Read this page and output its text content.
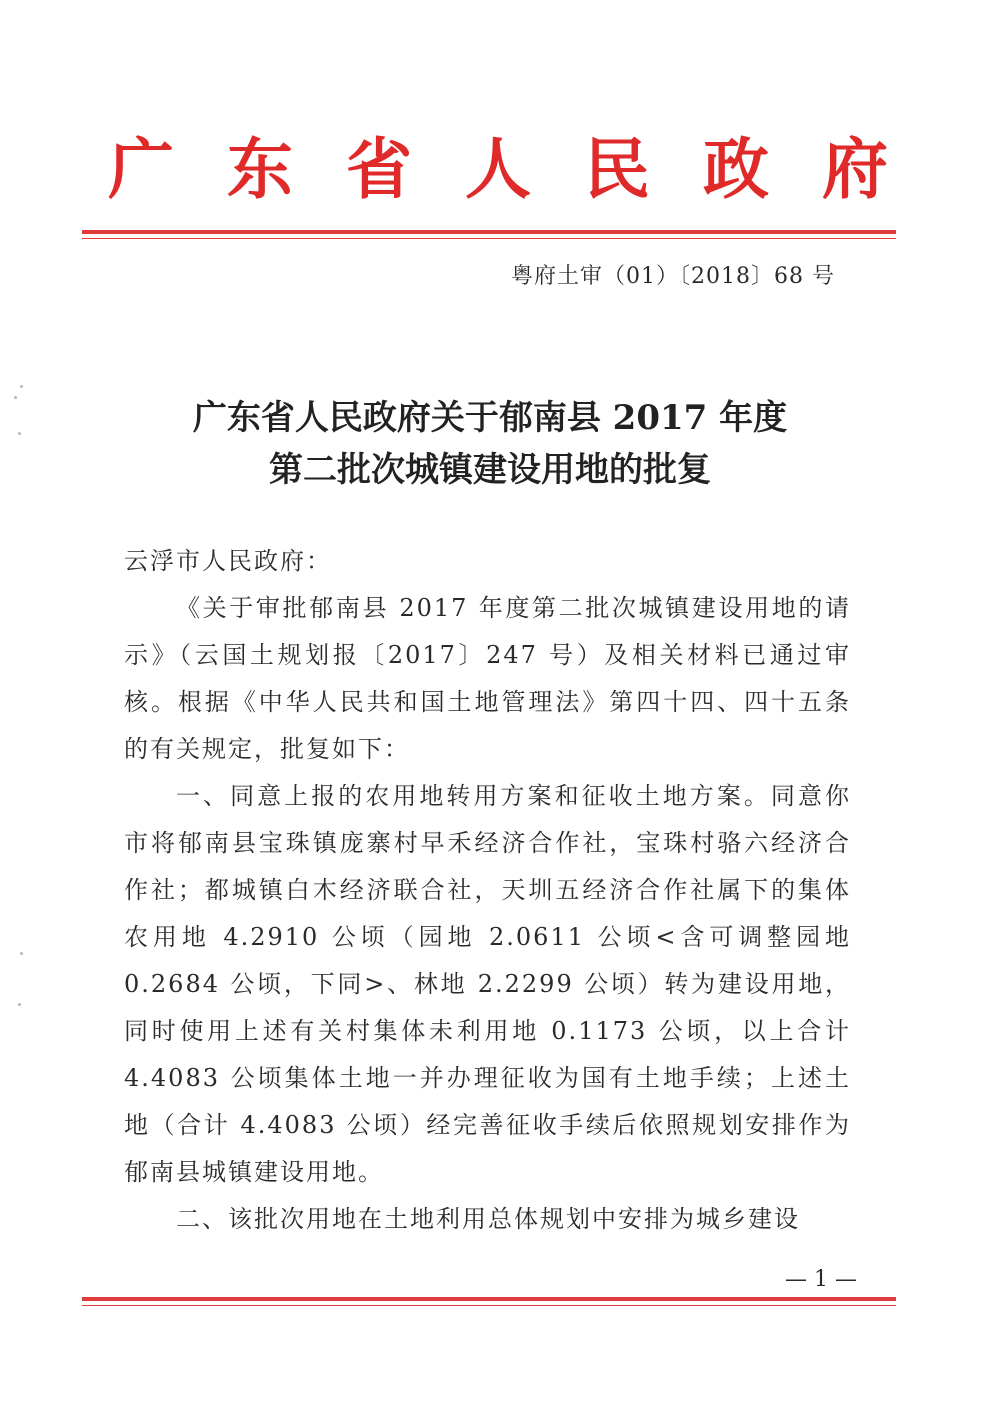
广 东 省 人 民 政 府
粤府土审（01）〔2018〕68 号
广东省人民政府关于郁南县 2017 年度
第二批次城镇建设用地的批复

云浮市人民政府：

《关于审批郁南县 2017 年度第二批次城镇建设用地的请示》（云国土规划报〔2017〕247 号）及相关材料已通过审核。根据《中华人民共和国土地管理法》第四十四、四十五条的有关规定，批复如下：

一、同意上报的农用地转用方案和征收土地方案。同意你市将郁南县宝珠镇庞寨村早禾经济合作社，宝珠村骆六经济合作社；都城镇白木经济联合社，天圳五经济合作社属下的集体农用地 4.2910 公顷（园地 2.0611 公顷<含可调整园地 0.2684 公顷，下同>、林地 2.2299 公顷）转为建设用地，同时使用上述有关村集体未利用地 0.1173 公顷，以上合计 4.4083 公顷集体土地一并办理征收为国有土地手续；上述土地（合计 4.4083 公顷）经完善征收手续后依照规划安排作为郁南县城镇建设用地。

二、该批次用地在土地利用总体规划中安排为城乡建设

— 1 —
